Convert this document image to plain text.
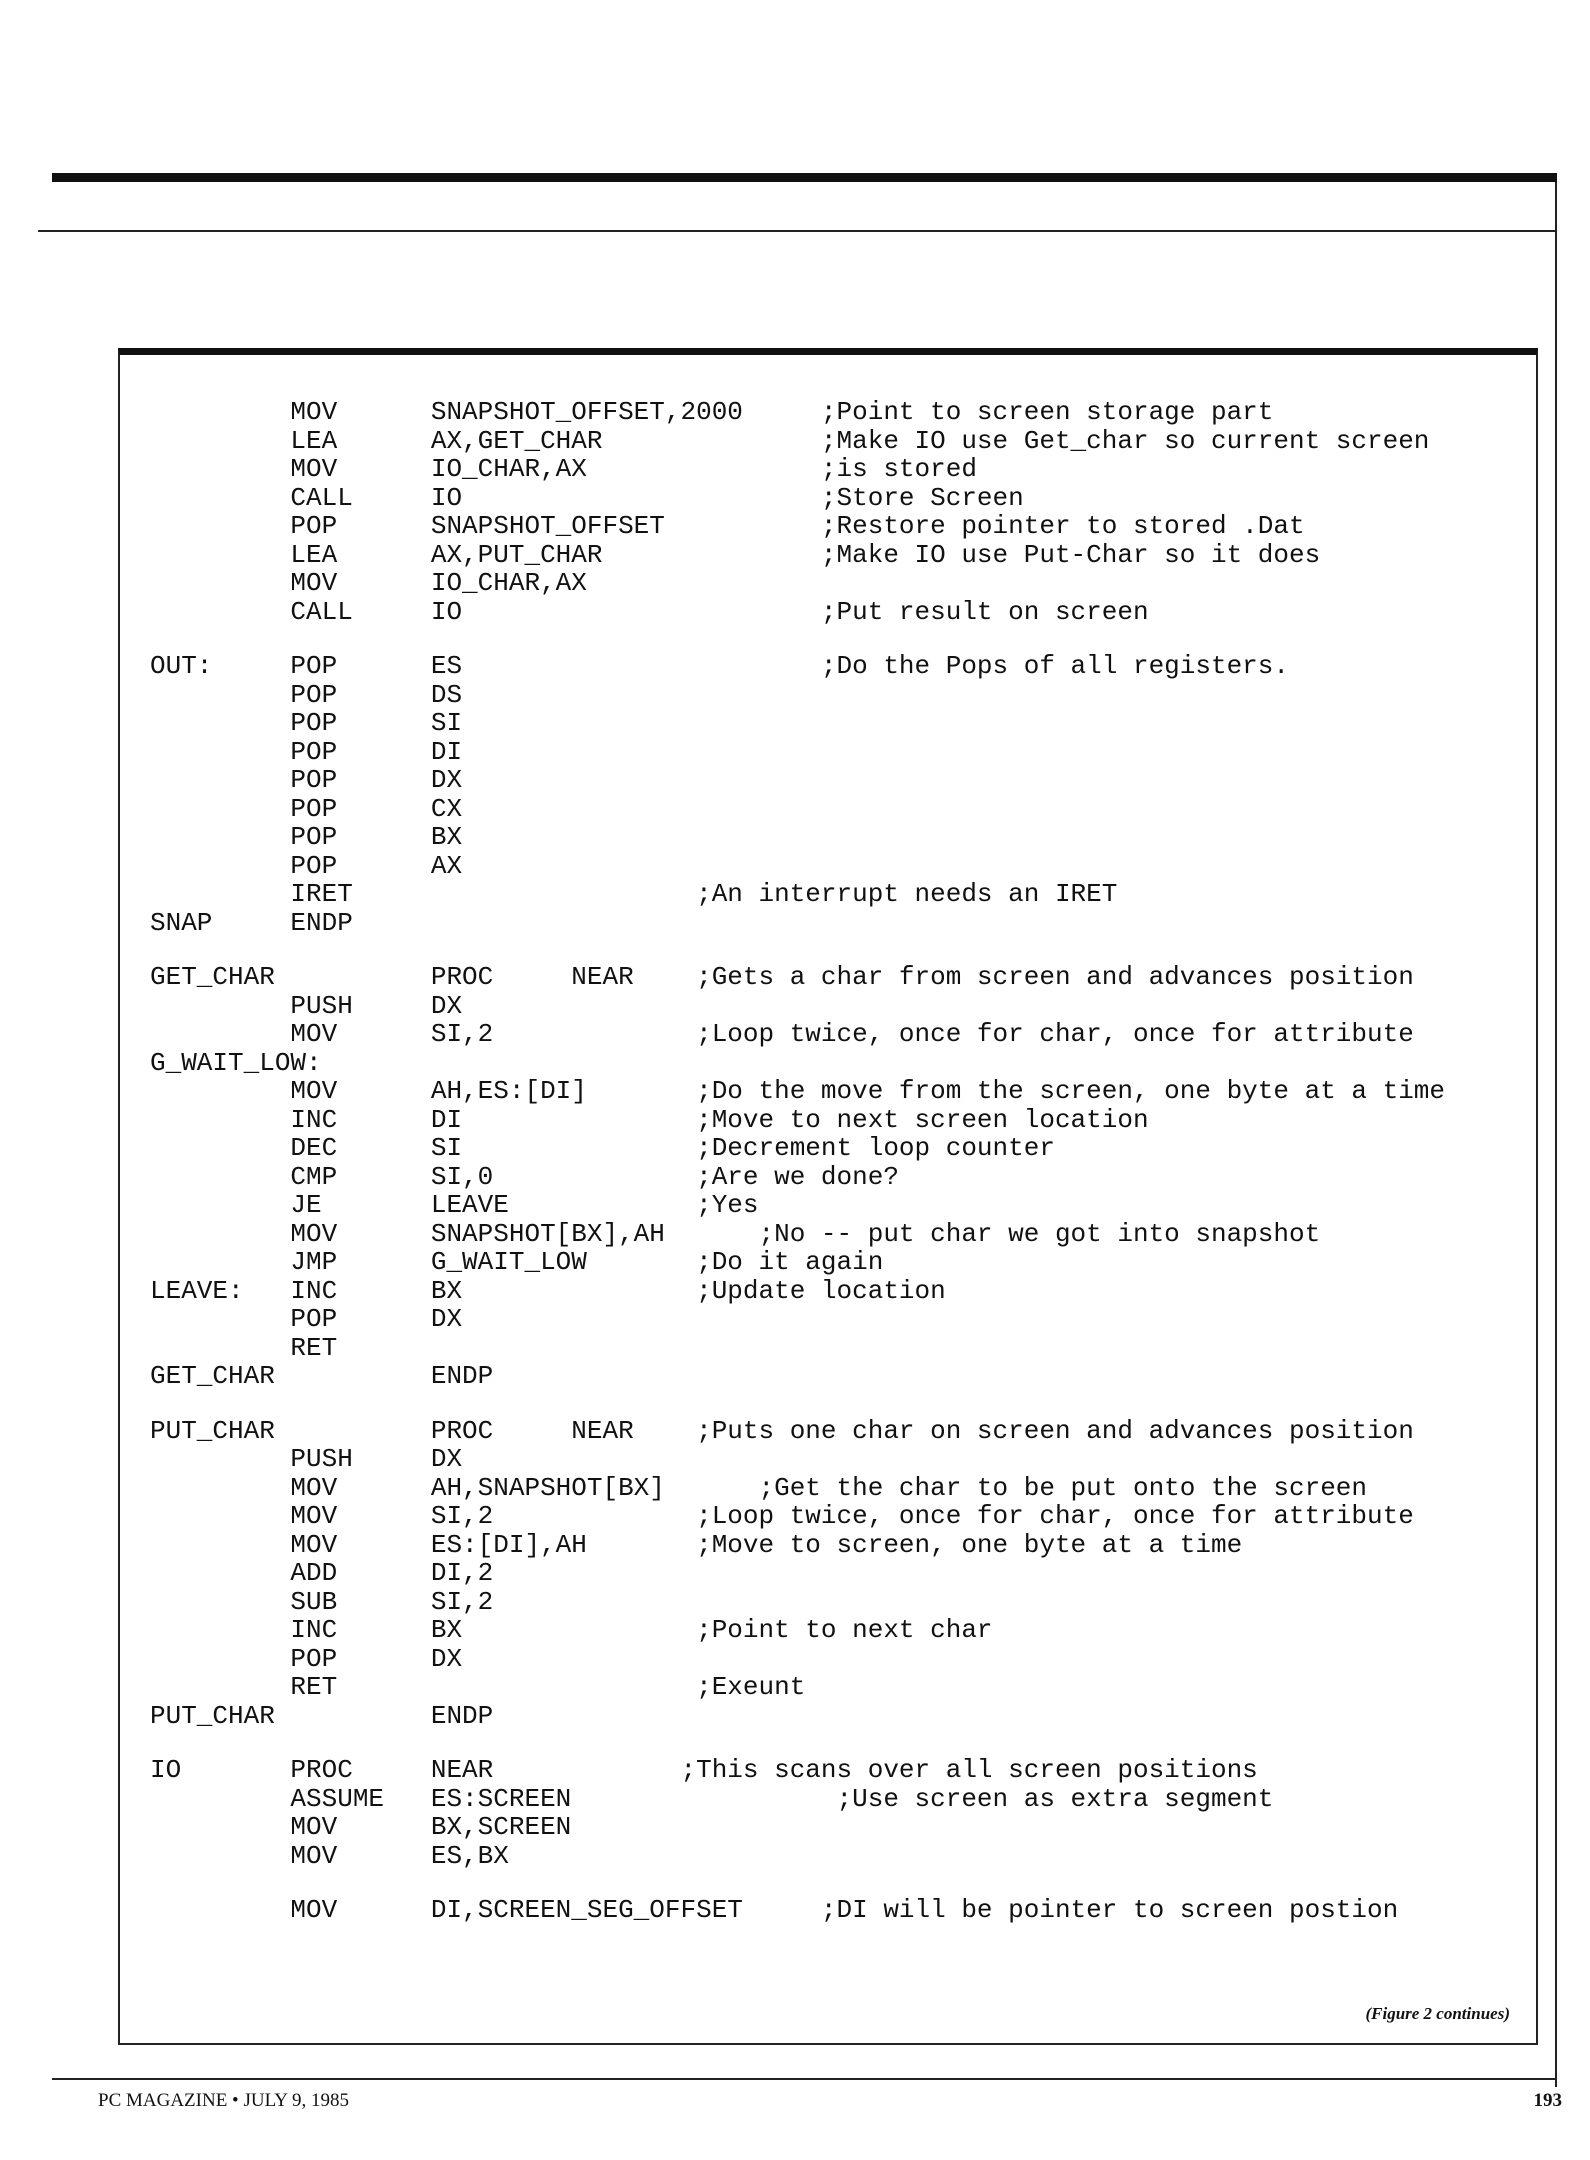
MOV      SNAPSHOT_OFFSET,2000     ;Point to screen storage part
LEA      AX,GET_CHAR              ;Make IO use Get_char so current screen
MOV      IO_CHAR,AX               ;is stored
CALL     IO                       ;Store Screen
POP      SNAPSHOT_OFFSET          ;Restore pointer to stored .Dat
LEA      AX,PUT_CHAR              ;Make IO use Put-Char so it does
MOV      IO_CHAR,AX
CALL     IO                       ;Put result on screen
OUT:     POP      ES                       ;Do the Pops of all registers.
POP      DS
POP      SI
POP      DI
POP      DX
POP      CX
POP      BX
POP      AX
IRET                      ;An interrupt needs an IRET
SNAP     ENDP
GET_CHAR          PROC     NEAR    ;Gets a char from screen and advances position
PUSH     DX
MOV      SI,2             ;Loop twice, once for char, once for attribute
G_WAIT_LOW:
MOV      AH,ES:[DI]       ;Do the move from the screen, one byte at a time
INC      DI               ;Move to next screen location
DEC      SI               ;Decrement loop counter
CMP      SI,0             ;Are we done?
JE       LEAVE            ;Yes
MOV      SNAPSHOT[BX],AH      ;No -- put char we got into snapshot
JMP      G_WAIT_LOW       ;Do it again
LEAVE:   INC      BX               ;Update location
POP      DX
RET
GET_CHAR          ENDP
PUT_CHAR          PROC     NEAR    ;Puts one char on screen and advances position
PUSH     DX
MOV      AH,SNAPSHOT[BX]      ;Get the char to be put onto the screen
MOV      SI,2             ;Loop twice, once for char, once for attribute
MOV      ES:[DI],AH       ;Move to screen, one byte at a time
ADD      DI,2
SUB      SI,2
INC      BX               ;Point to next char
POP      DX
RET                       ;Exeunt
PUT_CHAR          ENDP
IO       PROC     NEAR            ;This scans over all screen positions
ASSUME   ES:SCREEN                 ;Use screen as extra segment
MOV      BX,SCREEN
MOV      ES,BX
MOV      DI,SCREEN_SEG_OFFSET     ;DI will be pointer to screen postion
(Figure 2 continues)
PC MAGAZINE • JULY 9, 1985	193
